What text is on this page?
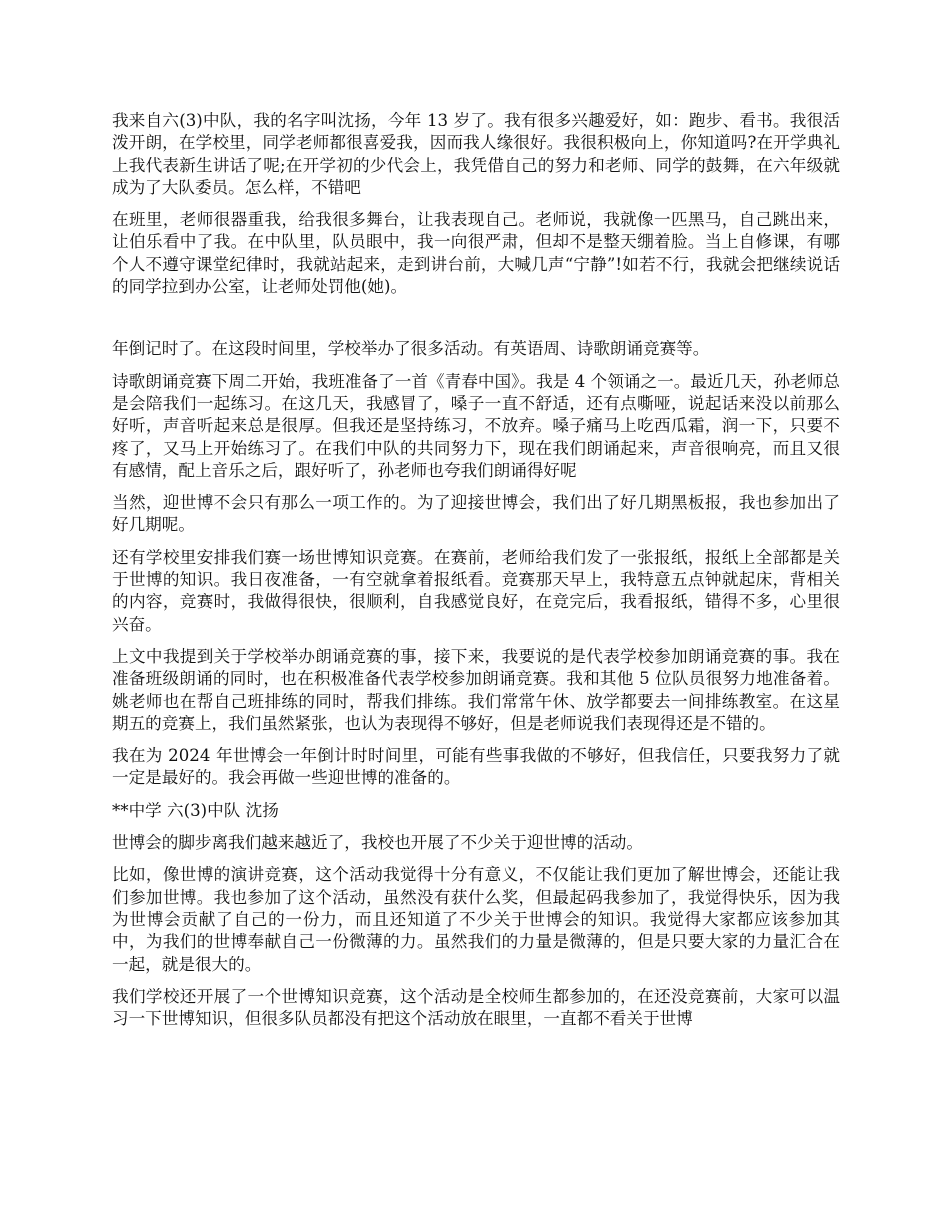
我来自六(3)中队，我的名字叫沈扬，今年 13 岁了。我有很多兴趣爱好，如：跑步、看书。我很活泼开朗，在学校里，同学老师都很喜爱我，因而我人缘很好。我很积极向上，你知道吗?在开学典礼上我代表新生讲话了呢;在开学初的少代会上，我凭借自己的努力和老师、同学的鼓舞，在六年级就成为了大队委员。怎么样，不错吧

在班里，老师很器重我，给我很多舞台，让我表现自己。老师说，我就像一匹黑马，自己跳出来，让伯乐看中了我。在中队里，队员眼中，我一向很严肃，但却不是整天绷着脸。当上自修课，有哪个人不遵守课堂纪律时，我就站起来，走到讲台前，大喊几声“宁静”!如若不行，我就会把继续说话的同学拉到办公室，让老师处罚他(她)。

年倒记时了。在这段时间里，学校举办了很多活动。有英语周、诗歌朗诵竞赛等。

诗歌朗诵竞赛下周二开始，我班准备了一首《青春中国》。我是 4 个领诵之一。最近几天，孙老师总是会陪我们一起练习。在这几天，我感冒了，嗓子一直不舒适，还有点嘶哑，说起话来没以前那么好听，声音听起来总是很厚。但我还是坚持练习，不放弃。嗓子痛马上吃西瓜霜，润一下，只要不疼了，又马上开始练习了。在我们中队的共同努力下，现在我们朗诵起来，声音很响亮，而且又很有感情，配上音乐之后，跟好听了，孙老师也夸我们朗诵得好呢

当然，迎世博不会只有那么一项工作的。为了迎接世博会，我们出了好几期黑板报，我也参加出了好几期呢。

还有学校里安排我们赛一场世博知识竞赛。在赛前，老师给我们发了一张报纸，报纸上全部都是关于世博的知识。我日夜准备，一有空就拿着报纸看。竞赛那天早上，我特意五点钟就起床，背相关的内容，竞赛时，我做得很快，很顺利，自我感觉良好，在竞完后，我看报纸，错得不多，心里很兴奋。

上文中我提到关于学校举办朗诵竞赛的事，接下来，我要说的是代表学校参加朗诵竞赛的事。我在准备班级朗诵的同时，也在积极准备代表学校参加朗诵竞赛。我和其他 5 位队员很努力地准备着。姚老师也在帮自己班排练的同时，帮我们排练。我们常常午休、放学都要去一间排练教室。在这星期五的竞赛上，我们虽然紧张，也认为表现得不够好，但是老师说我们表现得还是不错的。

我在为 2024 年世博会一年倒计时时间里，可能有些事我做的不够好，但我信任，只要我努力了就一定是最好的。我会再做一些迎世博的准备的。

**中学 六(3)中队 沈扬

世博会的脚步离我们越来越近了，我校也开展了不少关于迎世博的活动。

比如，像世博的演讲竞赛，这个活动我觉得十分有意义，不仅能让我们更加了解世博会，还能让我们参加世博。我也参加了这个活动，虽然没有获什么奖，但最起码我参加了，我觉得快乐，因为我为世博会贡献了自己的一份力，而且还知道了不少关于世博会的知识。我觉得大家都应该参加其中，为我们的世博奉献自己一份微薄的力。虽然我们的力量是微薄的，但是只要大家的力量汇合在一起，就是很大的。

我们学校还开展了一个世博知识竞赛，这个活动是全校师生都参加的，在还没竞赛前，大家可以温习一下世博知识，但很多队员都没有把这个活动放在眼里，一直都不看关于世博
